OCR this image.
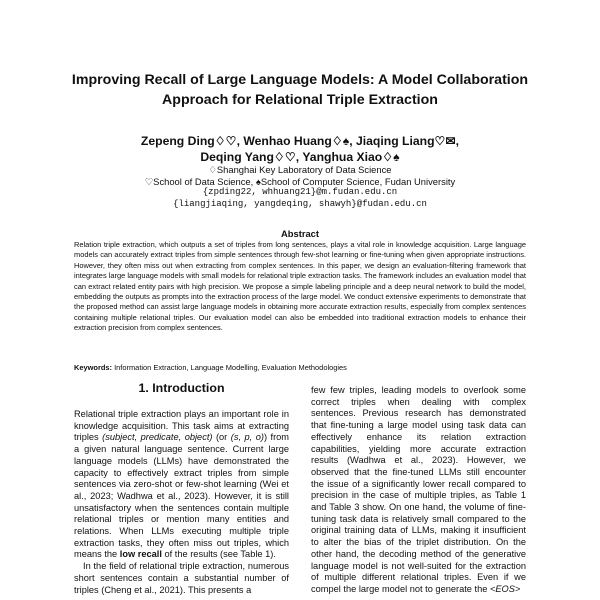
Improving Recall of Large Language Models: A Model Collaboration
Approach for Relational Triple Extraction
Zepeng Ding♢♡, Wenhao Huang♢♠, Jiaqing Liang♡✉,
Deqing Yang♢♡, Yanghua Xiao♢♠
♢Shanghai Key Laboratory of Data Science
♡School of Data Science, ♠School of Computer Science, Fudan University
{zpding22, whhuang21}@m.fudan.edu.cn
{liangjiaqing, yangdeqing, shawyh}@fudan.edu.cn
Abstract
Relation triple extraction, which outputs a set of triples from long sentences, plays a vital role in knowledge acquisition. Large language models can accurately extract triples from simple sentences through few-shot learning or fine-tuning when given appropriate instructions. However, they often miss out when extracting from complex sentences. In this paper, we design an evaluation-filtering framework that integrates large language models with small models for relational triple extraction tasks. The framework includes an evaluation model that can extract related entity pairs with high precision. We propose a simple labeling principle and a deep neural network to build the model, embedding the outputs as prompts into the extraction process of the large model. We conduct extensive experiments to demonstrate that the proposed method can assist large language models in obtaining more accurate extraction results, especially from complex sentences containing multiple relational triples. Our evaluation model can also be embedded into traditional extraction models to enhance their extraction precision from complex sentences.
Keywords: Information Extraction, Language Modelling, Evaluation Methodologies
1. Introduction

Relational triple extraction plays an important role in knowledge acquisition. This task aims at extracting triples (subject, predicate, object) (or (s, p, o)) from a given natural language sentence. Current large language models (LLMs) have demonstrated the capacity to effectively extract triples from simple sentences via zero-shot or few-shot learning (Wei et al., 2023; Wadhwa et al., 2023). However, it is still unsatisfactory when the sentences contain multiple relational triples or mention many entities and relations. When LLMs executing multiple triple extraction tasks, they often miss out triples, which means the low recall of the results (see Table 1).

In the field of relational triple extraction, numerous short sentences contain a substantial number of triples (Cheng et al., 2021). This presents a

few few triples, leading models to overlook some correct triples when dealing with complex sentences. Previous research has demonstrated that fine-tuning a large model using task data can effectively enhance its relation extraction capabilities, yielding more accurate extraction results (Wadhwa et al., 2023). However, we observed that the fine-tuned LLMs still encounter the issue of a significantly lower recall compared to precision in the case of multiple triples, as Table 1 and Table 3 show. On one hand, the volume of fine-tuning task data is relatively small compared to the original training data of LLMs, making it insufficient to alter the bias of the triplet distribution. On the other hand, the decoding method of the generative language model is not well-suited for the extraction of multiple different relational triples. Even if we compel the large model not to generate the <EOS>
